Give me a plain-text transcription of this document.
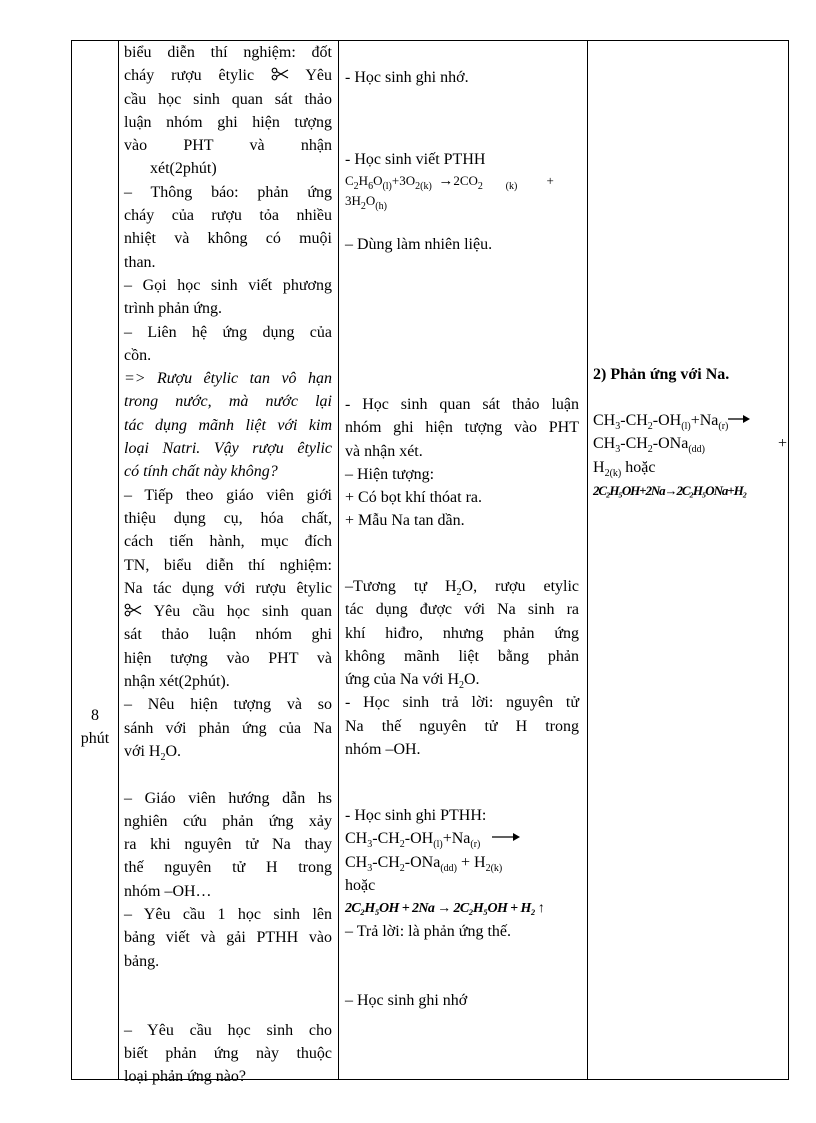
8
phút

biểu diễn thí nghiệm: đốt

cháy rượu êtylic	Yêu

cầu học sinh quan sát thảo

luận nhóm ghi hiện tượng

vào PHT và nhận

xét(2phút)

– Thông báo: phản ứng

cháy của rượu tỏa nhiều

nhiệt và không có muội

than.

– Gọi học sinh viết phương

trình phản ứng.

– Liên hệ ứng dụng của

cồn.

=> Rượu êtylic tan vô hạn

trong nước, mà nước lại

tác dụng mãnh liệt với kim

loại Natri. Vậy rượu êtylic

có tính chất này không?

– Tiếp theo giáo viên giới

thiệu dụng cụ, hóa chất,

cách tiến hành, mục đích

TN, biểu diễn thí nghiệm:

Na tác dụng với rượu êtylic

Yêu cầu học sinh quan

sát thảo luận nhóm ghi

hiện tượng vào PHT và

nhận xét(2phút).

– Nêu hiện tượng và so

sánh với phản ứng của Na

với $H_2O$.

– Giáo viên hướng dẫn hs

nghiên cứu phản ứng xảy

ra khi nguyên tử Na thay

thế nguyên tử H trong

nhóm –OH…

– Yêu cầu 1 học sinh lên

bảng viết và gải PTHH vào

bảng.

– Yêu cầu học sinh cho

biết phản ứng này thuộc

loại phản ứng nào?

- Học sinh ghi nhớ.

- Học sinh viết PTHH

$C_2H_6O_{(l)}+3O_{2(k)} \to 2CO_2$ $_{(k)}$ +
$3H_2O_{(h)}$

– Dùng làm nhiên liệu.

- Học sinh quan sát thảo luận

nhóm ghi hiện tượng vào PHT

và nhận xét.

– Hiện tượng:

+ Có bọt khí thóat ra.

+ Mẫu Na tan dần.

–Tương tự $H_2O$, rượu etylic

tác dụng được với Na sinh ra

khí hiđro, nhưng phản ứng

không mãnh liệt bằng phản

ứng của Na với $H_2O$.

- Học sinh trả lời: nguyên tử

Na thế nguyên tử H trong

nhóm –OH.

- Học sinh ghi PTHH:

$CH_3-CH_2-OH_{(l)}+Na_{(r)}$

$CH_3-CH_2-ONa_{(dd)} + H_{2(k)}$

hoặc

2C₂H₅OH + 2Na → 2C₂H₅OH + H₂ ↑

– Trả lời: là phản ứng thế.

– Học sinh ghi nhớ

2) Phản ứng với Na.

$CH_3-CH_2-OH_{(l)}+Na_{(r)}$

$CH_3-CH_2-ONa_{(dd)}$	+

$H_{2(k)}$ hoặc

2C₂H₅OH+2Na→2C₂H₅ONa+H₂
